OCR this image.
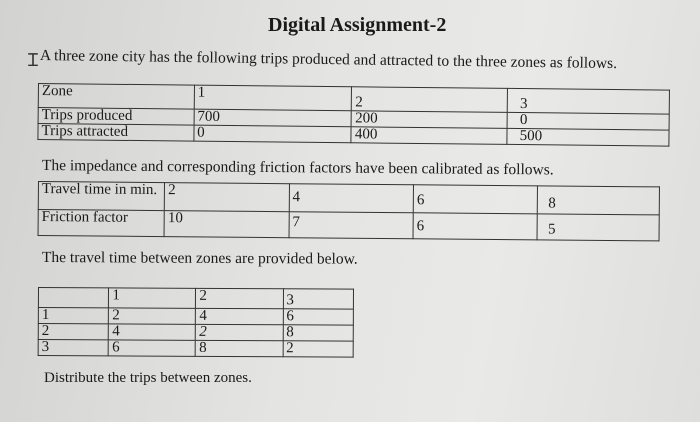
Digital Assignment-2
Ɪ A three zone city has the following trips produced and attracted to the three zones as follows.
Zone	1	2	3
Trips produced	700	200	0
Trips attracted	0	400	500
The impedance and corresponding friction factors have been calibrated as follows.
Travel time in min.	2	4	6	8
Friction factor	10	7	6	5
The travel time between zones are provided below.
	1	2	3
1	2	4	6
2	4	2	8
3	6	8	2
Distribute the trips between zones.
